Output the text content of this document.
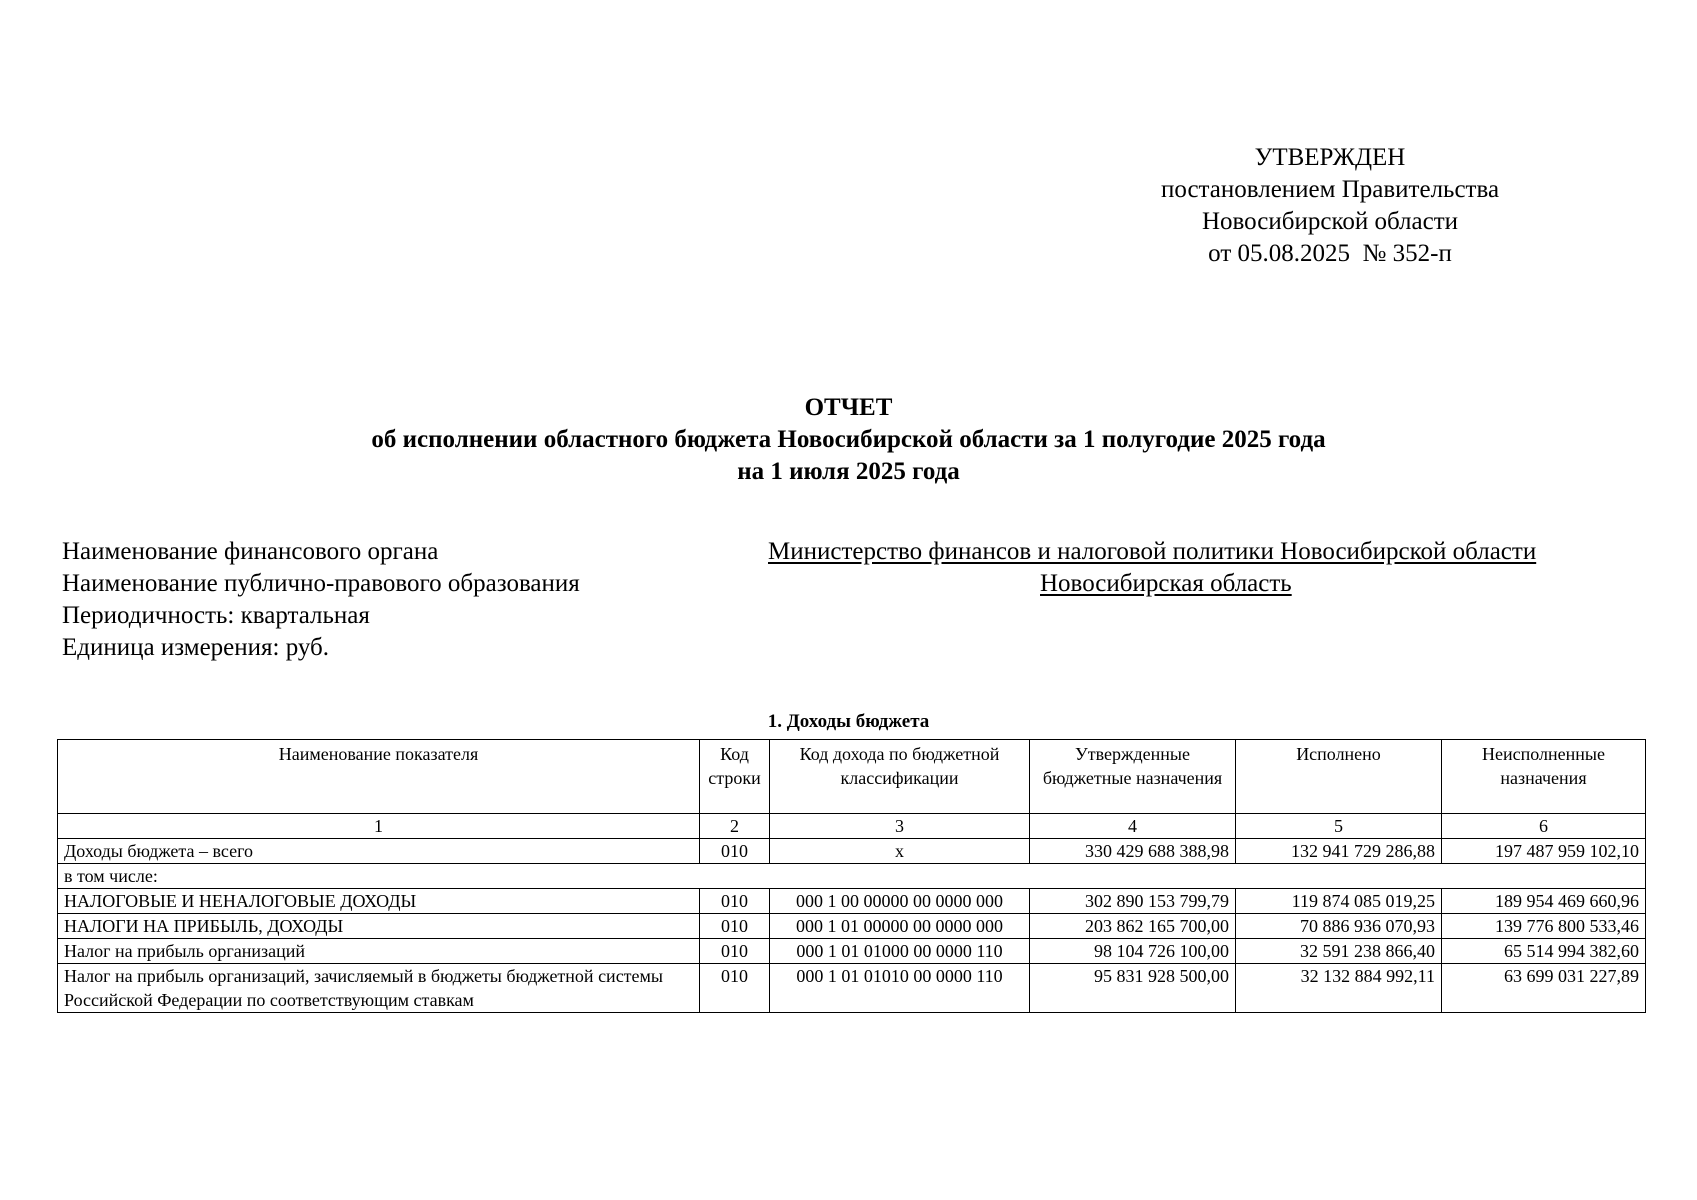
УТВЕРЖДЕН
постановлением Правительства
Новосибирской области
от 05.08.2025  № 352-п
ОТЧЕТ
об исполнении областного бюджета Новосибирской области за 1 полугодие 2025 года
на 1 июля 2025 года
Наименование финансового органа	Министерство финансов и налоговой политики Новосибирской области
Наименование публично-правового образования	Новосибирская область
Периодичность: квартальная
Единица измерения: руб.
1. Доходы бюджета
Наименование показателя	Код строки	Код дохода по бюджетной классификации	Утвержденные бюджетные назначения	Исполнено	Неисполненные назначения
1	2	3	4	5	6
Доходы бюджета – всего	010	x	330 429 688 388,98	132 941 729 286,88	197 487 959 102,10
в том числе:					
НАЛОГОВЫЕ И НЕНАЛОГОВЫЕ ДОХОДЫ	010	000 1 00 00000 00 0000 000	302 890 153 799,79	119 874 085 019,25	189 954 469 660,96
НАЛОГИ НА ПРИБЫЛЬ, ДОХОДЫ	010	000 1 01 00000 00 0000 000	203 862 165 700,00	70 886 936 070,93	139 776 800 533,46
Налог на прибыль организаций	010	000 1 01 01000 00 0000 110	98 104 726 100,00	32 591 238 866,40	65 514 994 382,60
Налог на прибыль организаций, зачисляемый в бюджеты бюджетной системы Российской Федерации по соответствующим ставкам	010	000 1 01 01010 00 0000 110	95 831 928 500,00	32 132 884 992,11	63 699 031 227,89
